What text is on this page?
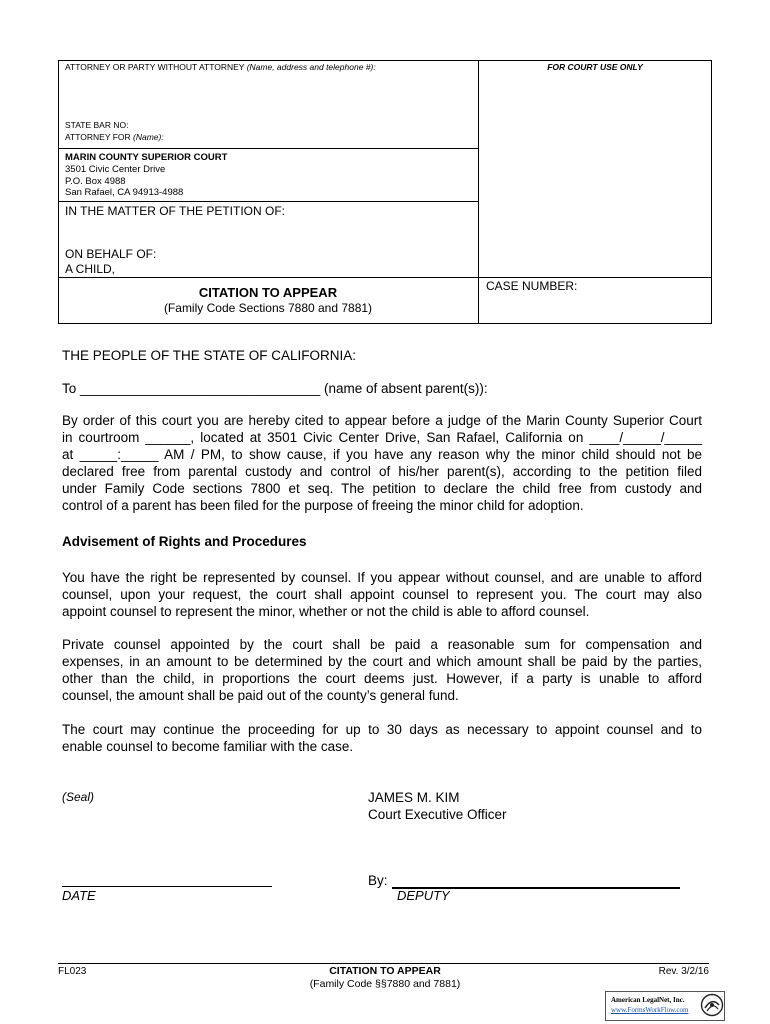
ATTORNEY OR PARTY WITHOUT ATTORNEY (Name, address and telephone #):	FOR COURT USE ONLY
STATE BAR NO:
ATTORNEY FOR (Name):
MARIN COUNTY SUPERIOR COURT
3501 Civic Center Drive
P.O. Box 4988
San Rafael, CA 94913-4988
IN THE MATTER OF THE PETITION OF:
ON BEHALF OF:
A CHILD,
CITATION TO APPEAR
(Family Code Sections 7880 and 7881)
CASE NUMBER:
THE PEOPLE OF THE STATE OF CALIFORNIA:
To ________________________________ (name of absent parent(s)):
By order of this court you are hereby cited to appear before a judge of the Marin County Superior Court
in courtroom ______, located at 3501 Civic Center Drive, San Rafael, California on ____/_____/_____
at _____:_____ AM / PM, to show cause, if you have any reason why the minor child should not be
declared free from parental custody and control of his/her parent(s), according to the petition filed
under Family Code sections 7800 et seq. The petition to declare the child free from custody and
control of a parent has been filed for the purpose of freeing the minor child for adoption.
Advisement of Rights and Procedures
You have the right be represented by counsel. If you appear without counsel, and are unable to afford
counsel, upon your request, the court shall appoint counsel to represent you. The court may also
appoint counsel to represent the minor, whether or not the child is able to afford counsel.
Private counsel appointed by the court shall be paid a reasonable sum for compensation and
expenses, in an amount to be determined by the court and which amount shall be paid by the parties,
other than the child, in proportions the court deems just. However, if a party is unable to afford
counsel, the amount shall be paid out of the county’s general fund.
The court may continue the proceeding for up to 30 days as necessary to appoint counsel and to
enable counsel to become familiar with the case.
(Seal)	JAMES M. KIM
Court Executive Officer
By:
DATE	DEPUTY
FL023	CITATION TO APPEAR
(Family Code §§7880 and 7881)
Rev. 3/2/16
American LegalNet, Inc.
www.FormsWorkFlow.com
